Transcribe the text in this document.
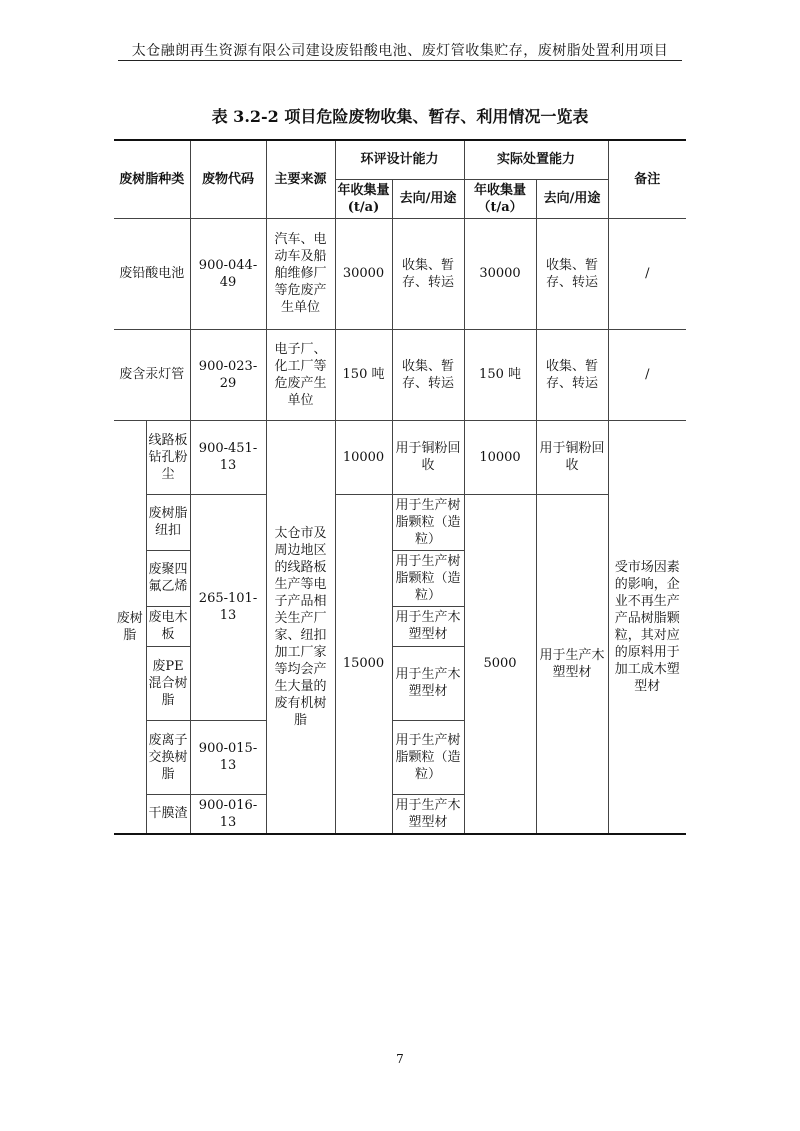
太仓融朗再生资源有限公司建设废铅酸电池、废灯管收集贮存，废树脂处置利用项目
表 3.2-2 项目危险废物收集、暂存、利用情况一览表
废树脂种类		废物代码	主要来源	环评设计能力		实际处置能力		备注
				年收集量(t/a)	去向/用途	年收集量（t/a）	去向/用途	
废铅酸电池		900-044-49	汽车、电动车及船舶维修厂等危废产生单位	30000	收集、暂存、转运	30000	收集、暂存、转运	/
废含汞灯管		900-023-29	电子厂、化工厂等危废产生单位	150 吨	收集、暂存、转运	150 吨	收集、暂存、转运	/
废树脂	线路板钻孔粉尘	900-451-13	太仓市及周边地区的线路板生产等电子产品相关生产厂家、纽扣加工厂家等均会产生大量的废有机树脂	10000	用于铜粉回收	10000	用于铜粉回收	受市场因素的影响，企业不再生产产品树脂颗粒，其对应的原料用于加工成木塑型材
	废树脂纽扣	265-101-13		15000	用于生产树脂颗粒（造粒）	5000	用于生产木塑型材	
	废聚四氟乙烯				用于生产树脂颗粒（造粒）			
	废电木板				用于生产木塑型材			
	废PE混合树脂				用于生产木塑型材			
	废离子交换树脂	900-015-13			用于生产树脂颗粒（造粒）			
	干膜渣	900-016-13			用于生产木塑型材			
7
